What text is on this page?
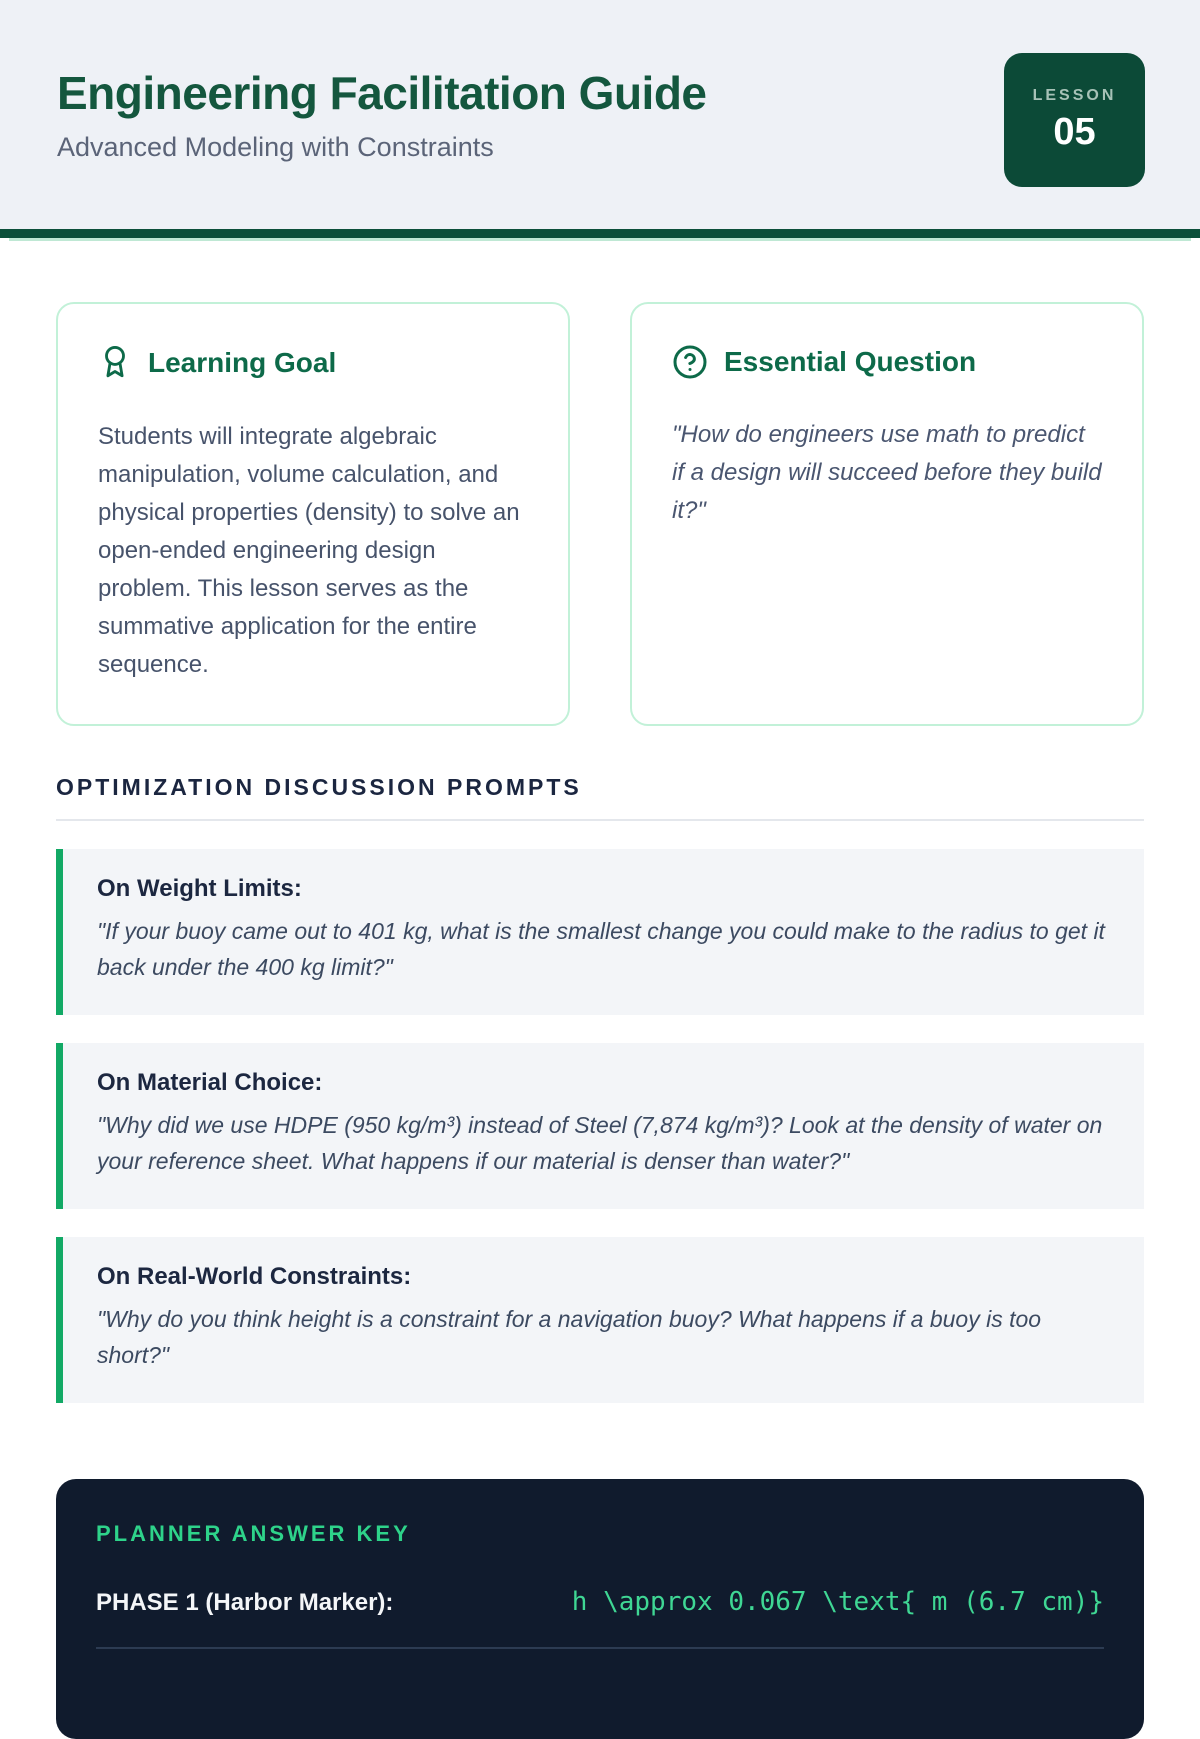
Engineering Facilitation Guide
Advanced Modeling with Constraints
LESSON
05
Learning Goal

Students will integrate algebraic manipulation, volume calculation, and physical properties (density) to solve an open-ended engineering design problem. This lesson serves as the summative application for the entire sequence.

Essential Question

"How do engineers use math to predict if a design will succeed before they build it?"

OPTIMIZATION DISCUSSION PROMPTS
On Weight Limits:
"If your buoy came out to 401 kg, what is the smallest change you could make to the radius to get it back under the 400 kg limit?"
On Material Choice:
"Why did we use HDPE (950 kg/m³) instead of Steel (7,874 kg/m³)? Look at the density of water on your reference sheet. What happens if our material is denser than water?"
On Real-World Constraints:
"Why do you think height is a constraint for a navigation buoy? What happens if a buoy is too short?"
PLANNER ANSWER KEY
PHASE 1 (Harbor Marker):	h \approx 0.067 \text{ m (6.7 cm)}
